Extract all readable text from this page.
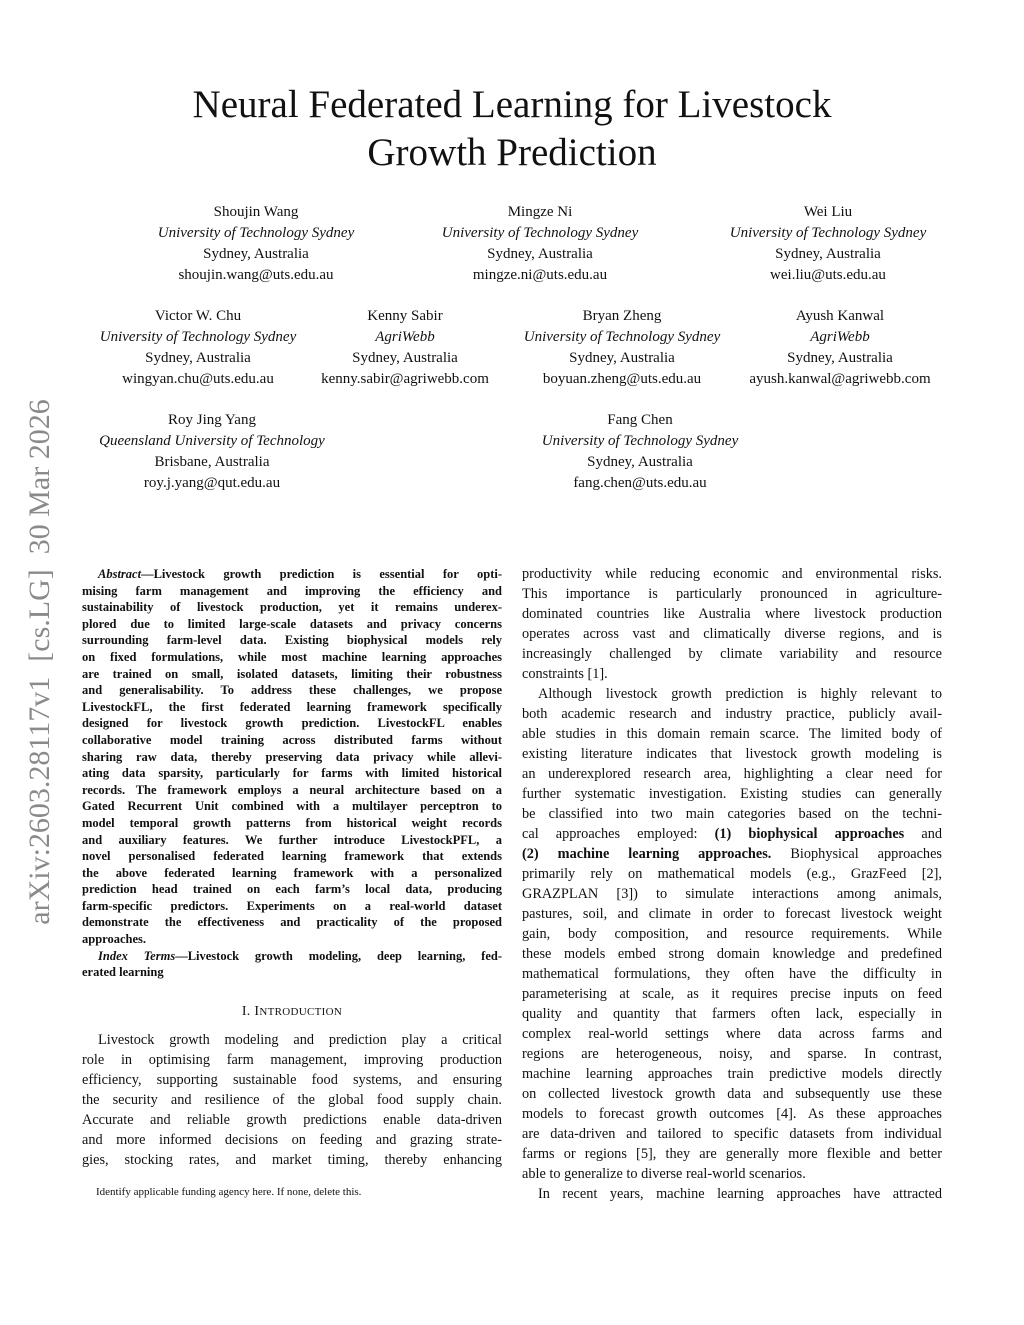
arXiv:2603.28117v1  [cs.LG]  30 Mar 2026
Neural Federated Learning for Livestock
Growth Prediction
Shoujin Wang
University of Technology Sydney
Sydney, Australia
shoujin.wang@uts.edu.au
Mingze Ni
University of Technology Sydney
Sydney, Australia
mingze.ni@uts.edu.au
Wei Liu
University of Technology Sydney
Sydney, Australia
wei.liu@uts.edu.au
Victor W. Chu
University of Technology Sydney
Sydney, Australia
wingyan.chu@uts.edu.au
Kenny Sabir
AgriWebb
Sydney, Australia
kenny.sabir@agriwebb.com
Bryan Zheng
University of Technology Sydney
Sydney, Australia
boyuan.zheng@uts.edu.au
Ayush Kanwal
AgriWebb
Sydney, Australia
ayush.kanwal@agriwebb.com
Roy Jing Yang
Queensland University of Technology
Brisbane, Australia
roy.j.yang@qut.edu.au
Fang Chen
University of Technology Sydney
Sydney, Australia
fang.chen@uts.edu.au
Abstract—Livestock growth prediction is essential for opti-
mising farm management and improving the efficiency and
sustainability of livestock production, yet it remains underex-
plored due to limited large-scale datasets and privacy concerns
surrounding farm-level data. Existing biophysical models rely
on fixed formulations, while most machine learning approaches
are trained on small, isolated datasets, limiting their robustness
and generalisability. To address these challenges, we propose
LivestockFL, the first federated learning framework specifically
designed for livestock growth prediction. LivestockFL enables
collaborative model training across distributed farms without
sharing raw data, thereby preserving data privacy while allevi-
ating data sparsity, particularly for farms with limited historical
records. The framework employs a neural architecture based on a
Gated Recurrent Unit combined with a multilayer perceptron to
model temporal growth patterns from historical weight records
and auxiliary features. We further introduce LivestockPFL, a
novel personalised federated learning framework that extends
the above federated learning framework with a personalized
prediction head trained on each farm’s local data, producing
farm-specific predictors. Experiments on a real-world dataset
demonstrate the effectiveness and practicality of the proposed
approaches.
Index Terms—Livestock growth modeling, deep learning, fed-
erated learning
I. INTRODUCTION
Livestock growth modeling and prediction play a critical
role in optimising farm management, improving production
efficiency, supporting sustainable food systems, and ensuring
the security and resilience of the global food supply chain.
Accurate and reliable growth predictions enable data-driven
and more informed decisions on feeding and grazing strate-
gies, stocking rates, and market timing, thereby enhancing
productivity while reducing economic and environmental risks.
This importance is particularly pronounced in agriculture-
dominated countries like Australia where livestock production
operates across vast and climatically diverse regions, and is
increasingly challenged by climate variability and resource
constraints [1].
Although livestock growth prediction is highly relevant to
both academic research and industry practice, publicly avail-
able studies in this domain remain scarce. The limited body of
existing literature indicates that livestock growth modeling is
an underexplored research area, highlighting a clear need for
further systematic investigation. Existing studies can generally
be classified into two main categories based on the techni-
cal approaches employed: (1) biophysical approaches and
(2) machine learning approaches. Biophysical approaches
primarily rely on mathematical models (e.g., GrazFeed [2],
GRAZPLAN [3]) to simulate interactions among animals,
pastures, soil, and climate in order to forecast livestock weight
gain, body composition, and resource requirements. While
these models embed strong domain knowledge and predefined
mathematical formulations, they often have the difficulty in
parameterising at scale, as it requires precise inputs on feed
quality and quantity that farmers often lack, especially in
complex real-world settings where data across farms and
regions are heterogeneous, noisy, and sparse. In contrast,
machine learning approaches train predictive models directly
on collected livestock growth data and subsequently use these
models to forecast growth outcomes [4]. As these approaches
are data-driven and tailored to specific datasets from individual
farms or regions [5], they are generally more flexible and better
able to generalize to diverse real-world scenarios.
In recent years, machine learning approaches have attracted
Identify applicable funding agency here. If none, delete this.
